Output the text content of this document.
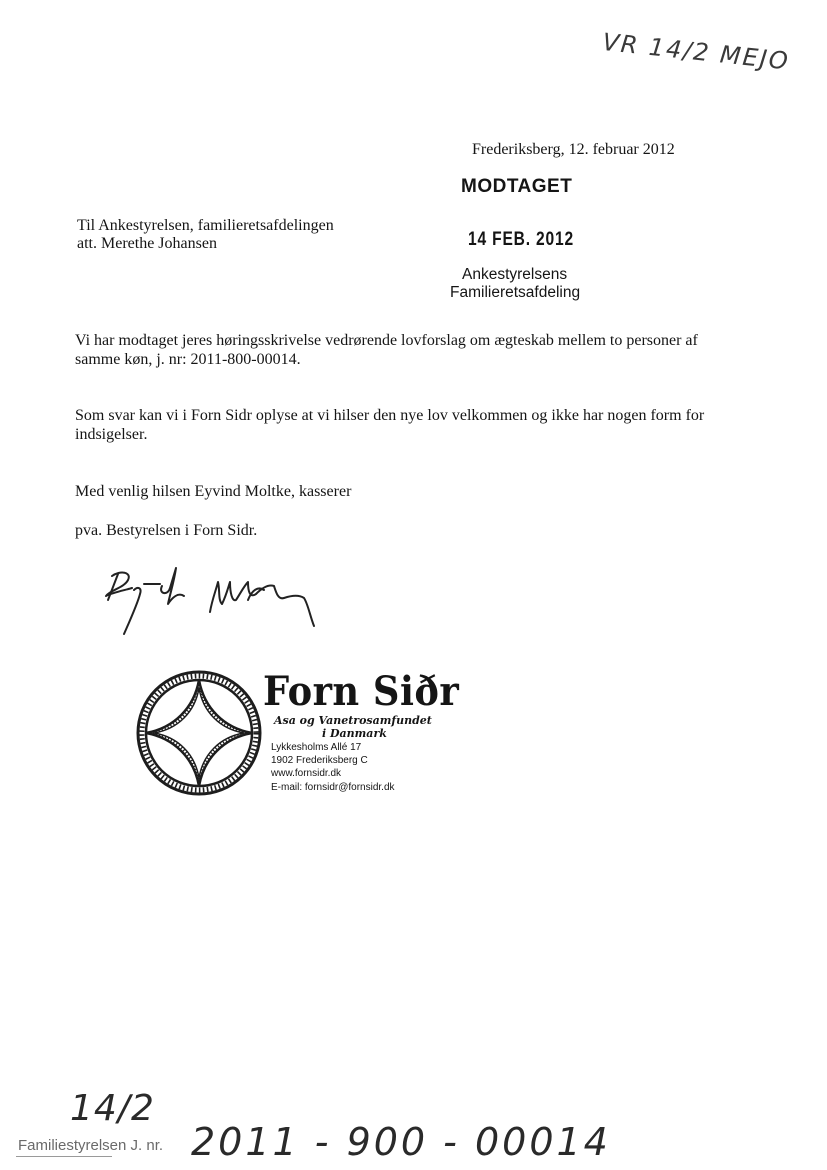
VR 14/2 MEJO
Frederiksberg, 12. februar 2012
MODTAGET
14 FEB. 2012
Ankestyrelsens
Familieretsafdeling
Til Ankestyrelsen, familieretsafdelingen
att. Merethe Johansen
Vi har modtaget jeres høringsskrivelse vedrørende lovforslag om ægteskab mellem to personer af
samme køn, j. nr: 2011-800-00014.
Som svar kan vi i Forn Sidr oplyse at vi hilser den nye lov velkommen og ikke har nogen form for
indsigelser.
Med venlig hilsen Eyvind Moltke, kasserer
pva. Bestyrelsen i Forn Sidr.
Forn Siðr
Asa og Vanetrosamfundet
i Danmark
Lykkesholms Allé 17
1902 Frederiksberg C
www.fornsidr.dk
E-mail: fornsidr@fornsidr.dk
14/2
Familiestyrelsen J. nr. 2011 - 900 - 00014
